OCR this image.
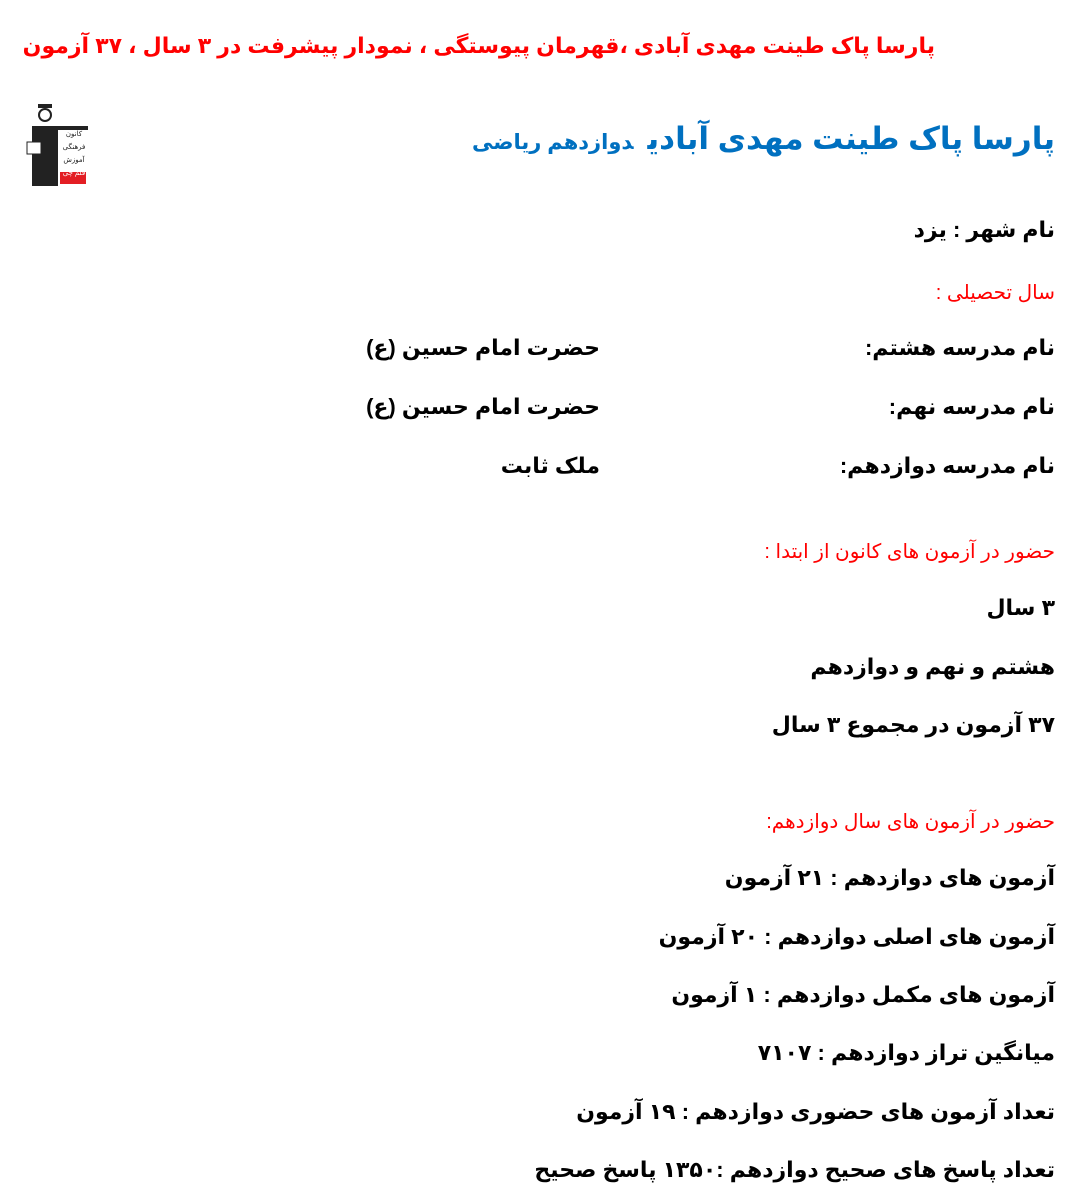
پارسا پاک طینت مهدی آبادی ،قهرمان پیوستگی ، نمودار پیشرفت در ۳ سال ، ۳۷ آزمون
کانون
فرهنگی
آموزش
قلم چی
پارسا پاک طینت مهدی آبادیدوازدهم ریاضی
نام شهر : یزد
سال تحصیلی :
نام مدرسه هشتم:
حضرت امام حسین (ع)
نام مدرسه نهم:
حضرت امام حسین (ع)
نام مدرسه دوازدهم:
ملک ثابت
حضور در آزمون های کانون از ابتدا :
۳ سال
هشتم و نهم و دوازدهم
۳۷ آزمون در مجموع ۳ سال
حضور در آزمون های سال دوازدهم:
آزمون های دوازدهم : ۲۱ آزمون
آزمون های اصلی دوازدهم : ۲۰ آزمون
آزمون های مکمل دوازدهم : ۱ آزمون
میانگین تراز دوازدهم : ۷۱۰۷
تعداد آزمون های حضوری دوازدهم : ۱۹ آزمون
تعداد پاسخ های صحیح دوازدهم :۱۳۵۰ پاسخ صحیح
